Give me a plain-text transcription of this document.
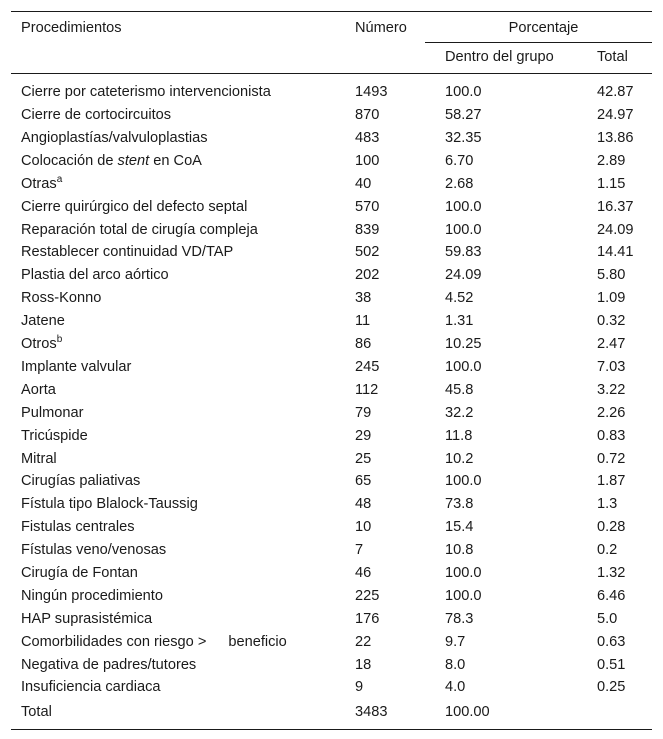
Procedimientos	Número	Porcentaje	
		Dentro del grupo	Total
Cierre por cateterismo intervencionista	1493	100.0	42.87
Cierre de cortocircuitos	870	58.27	24.97
Angioplastías/valvuloplastias	483	32.35	13.86
Colocación de stent en CoA	100	6.70	2.89
Otras$^a$	40	2.68	1.15
Cierre quirúrgico del defecto septal	570	100.0	16.37
Reparación total de cirugía compleja	839	100.0	24.09
Restablecer continuidad VD/TAP	502	59.83	14.41
Plastia del arco aórtico	202	24.09	5.80
Ross-Konno	38	4.52	1.09
Jatene	11	1.31	0.32
Otros$^b$	86	10.25	2.47
Implante valvular	245	100.0	7.03
Aorta	112	45.8	3.22
Pulmonar	79	32.2	2.26
Tricúspide	29	11.8	0.83
Mitral	25	10.2	0.72
Cirugías paliativas	65	100.0	1.87
Fístula tipo Blalock-Taussig	48	73.8	1.3
Fistulas centrales	10	15.4	0.28
Fístulas veno/venosas	7	10.8	0.2
Cirugía de Fontan	46	100.0	1.32
Ningún procedimiento	225	100.0	6.46
HAP suprasistémica	176	78.3	5.0
Comorbilidades con riesgo > beneficio	22	9.7	0.63
Negativa de padres/tutores	18	8.0	0.51
Insuficiencia cardiaca	9	4.0	0.25
Total	3483	100.00	
